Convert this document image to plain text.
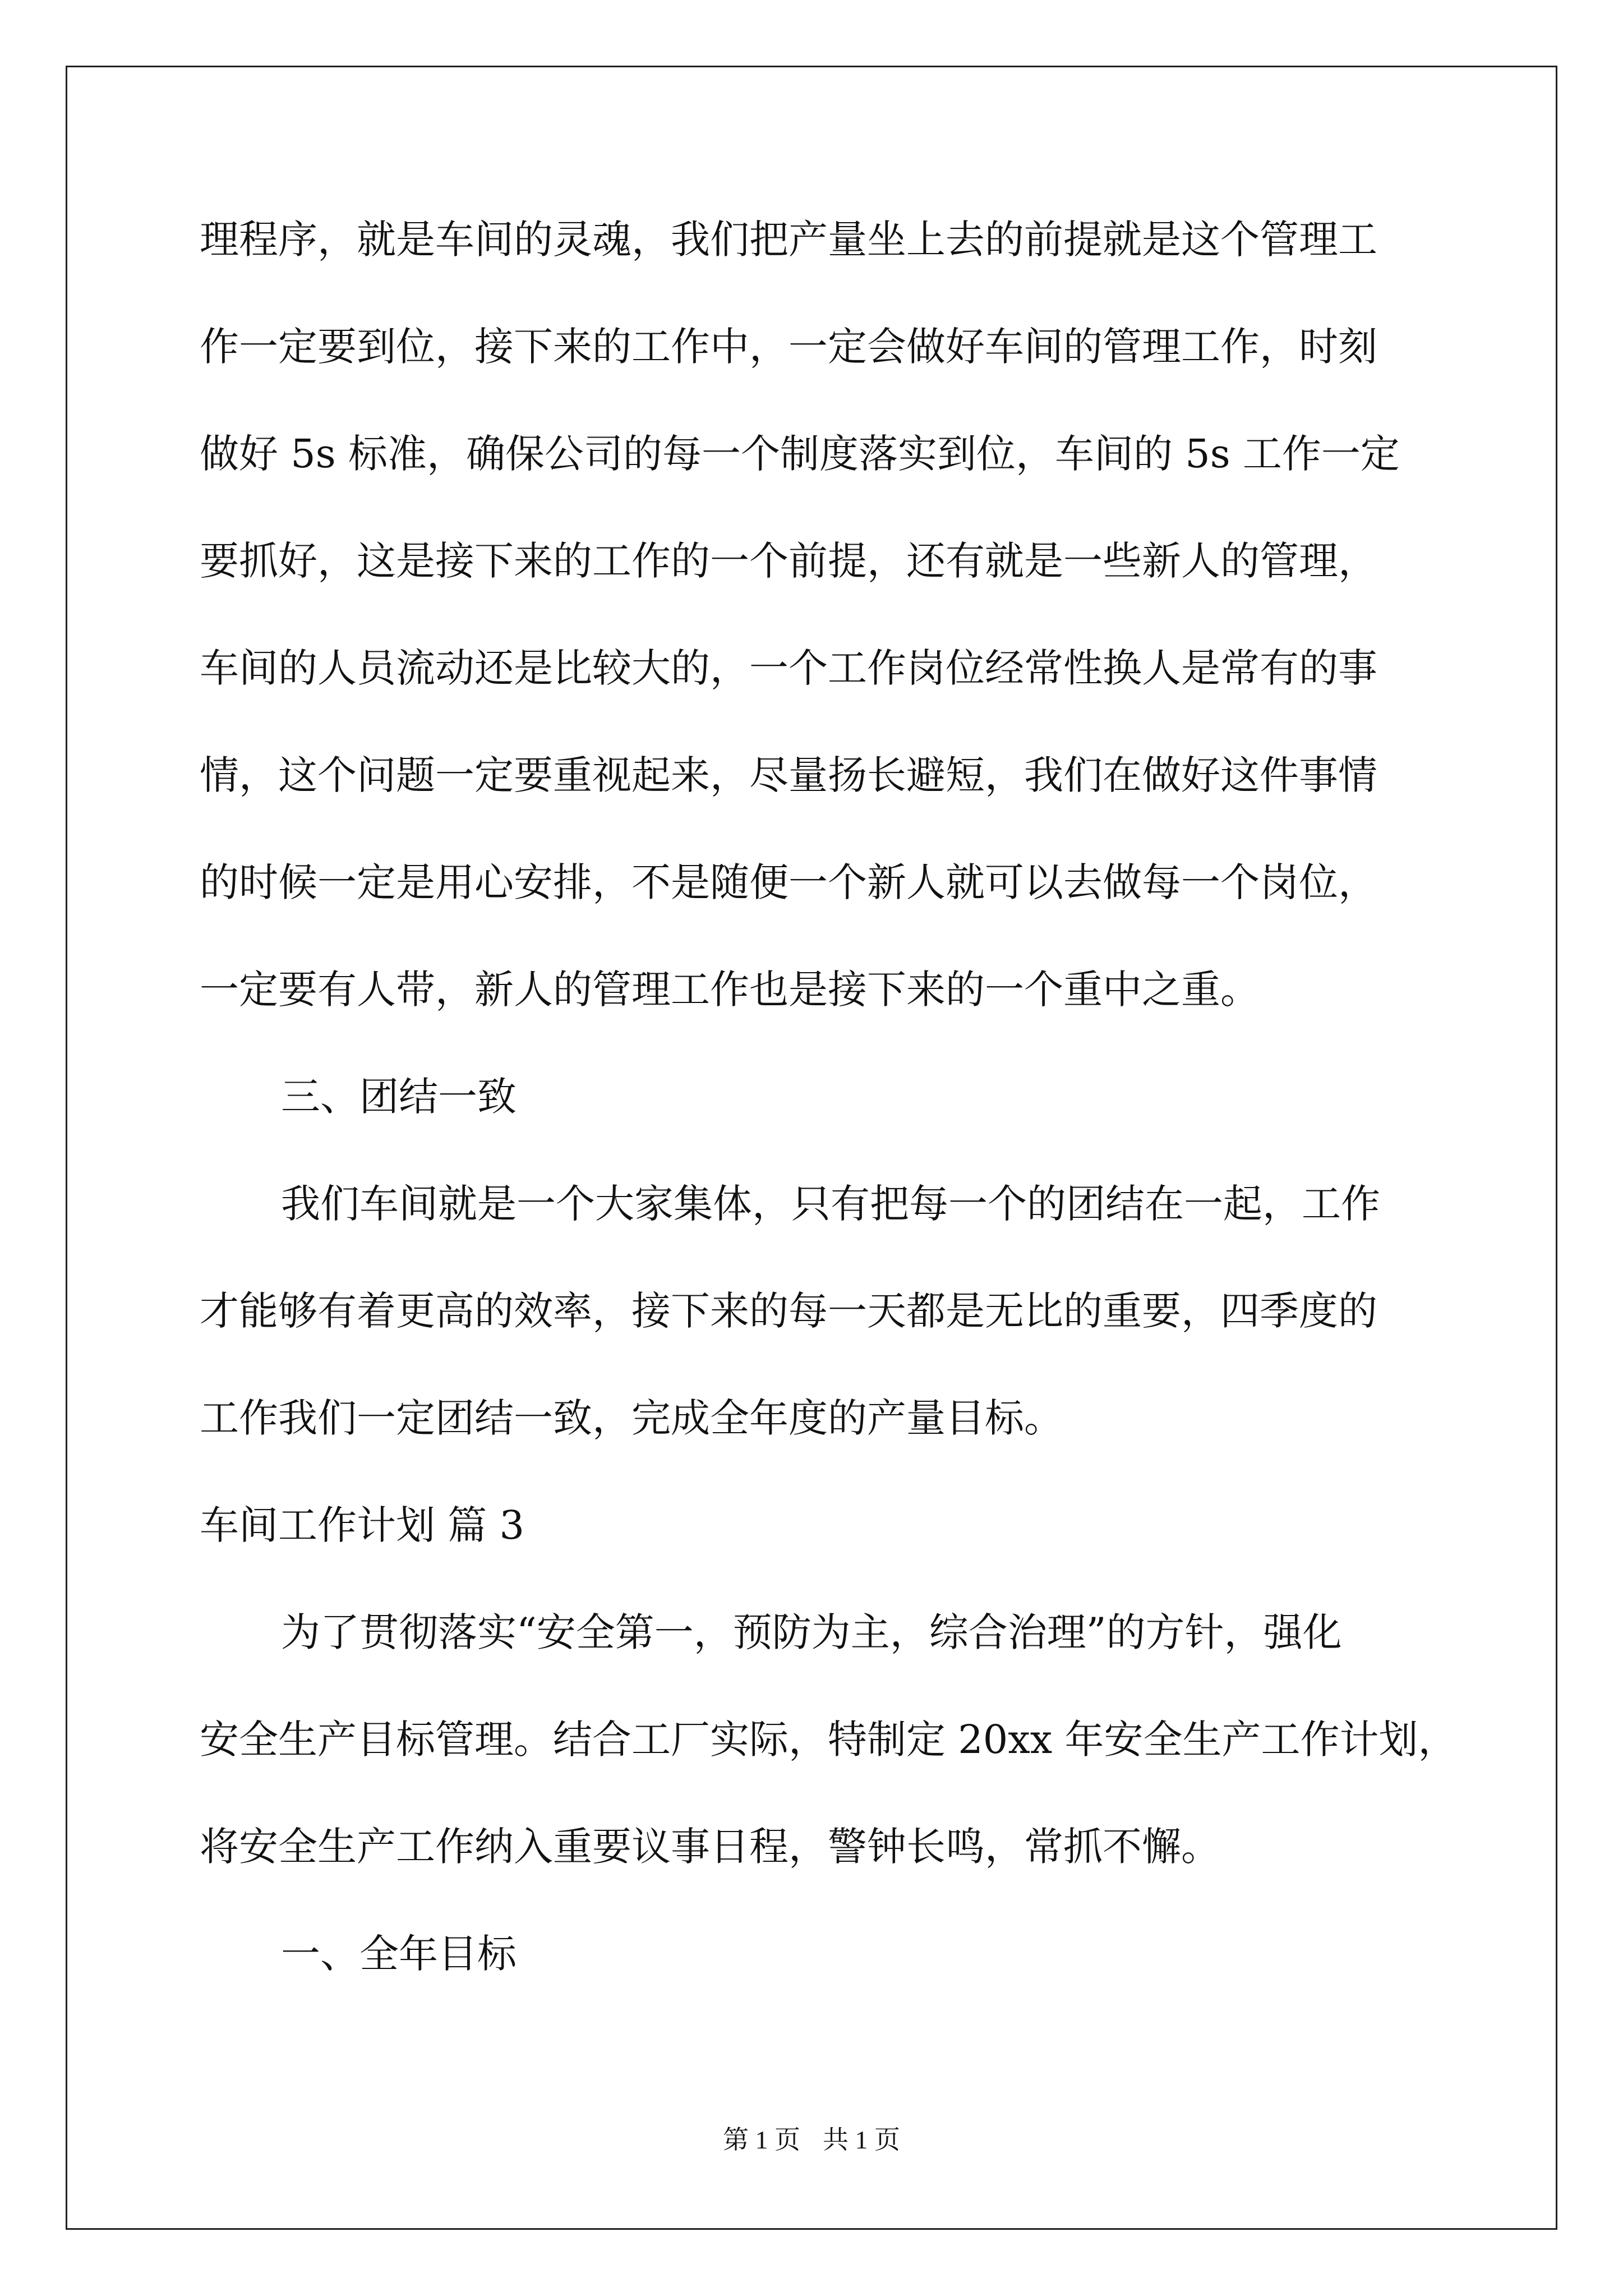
理程序，就是车间的灵魂，我们把产量坐上去的前提就是这个管理工
作一定要到位，接下来的工作中，一定会做好车间的管理工作，时刻
做好 5s 标准，确保公司的每一个制度落实到位，车间的 5s 工作一定
要抓好，这是接下来的工作的一个前提，还有就是一些新人的管理，
车间的人员流动还是比较大的，一个工作岗位经常性换人是常有的事
情，这个问题一定要重视起来，尽量扬长避短，我们在做好这件事情
的时候一定是用心安排，不是随便一个新人就可以去做每一个岗位，
一定要有人带，新人的管理工作也是接下来的一个重中之重。
三、团结一致
我们车间就是一个大家集体，只有把每一个的团结在一起，工作
才能够有着更高的效率，接下来的每一天都是无比的重要，四季度的
工作我们一定团结一致，完成全年度的产量目标。
车间工作计划 篇 3
为了贯彻落实“安全第一，预防为主，综合治理”的方针，强化
安全生产目标管理。结合工厂实际，特制定 20xx 年安全生产工作计划，
将安全生产工作纳入重要议事日程，警钟长鸣，常抓不懈。
一、全年目标
第 1 页 共 1 页
